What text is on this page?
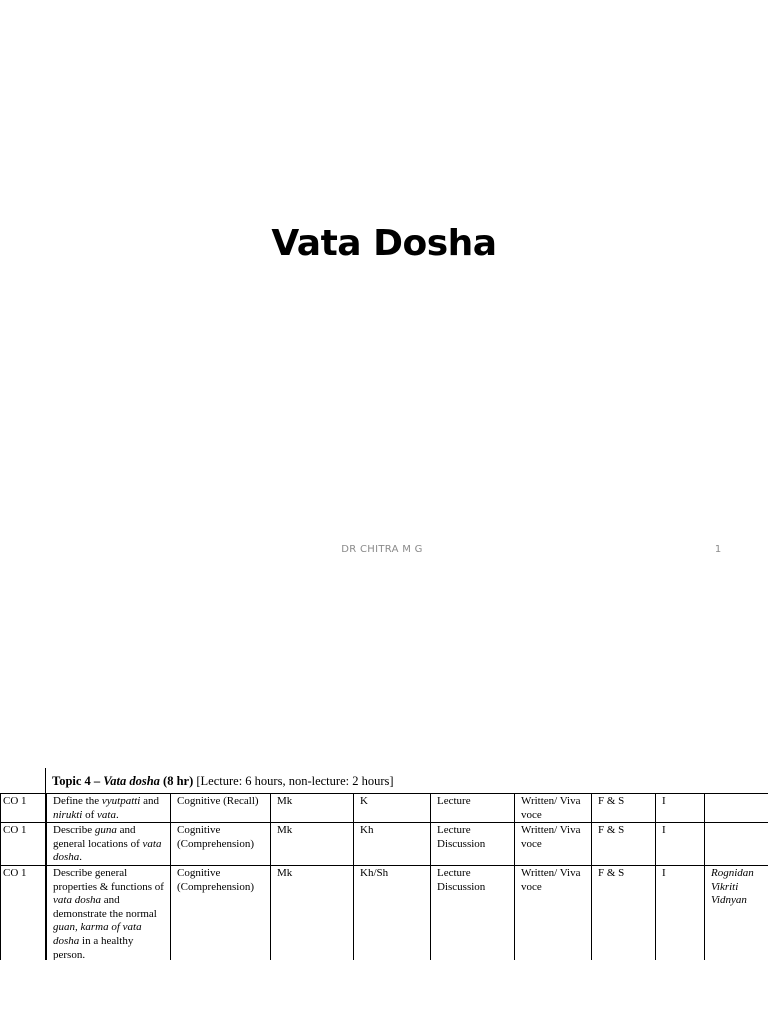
Vata Dosha
DR CHITRA M G	1
Topic 4 – Vata dosha (8 hr) [Lecture: 6 hours, non-lecture: 2 hours]
CO 1	Define the vyutpatti and nirukti of vata.	Cognitive (Recall)	Mk	K	Lecture	Written/ Viva voce	F & S	I	
CO 1	Describe guna and general locations of vata dosha.	Cognitive (Comprehension)	Mk	Kh	Lecture Discussion	Written/ Viva voce	F & S	I	
CO 1	Describe general properties & functions of vata dosha and demonstrate the normal guan, karma of vata dosha in a healthy person.	Cognitive (Comprehension)	Mk	Kh/Sh	Lecture Discussion	Written/ Viva voce	F & S	I	Rognidan Vikriti Vidnyan
